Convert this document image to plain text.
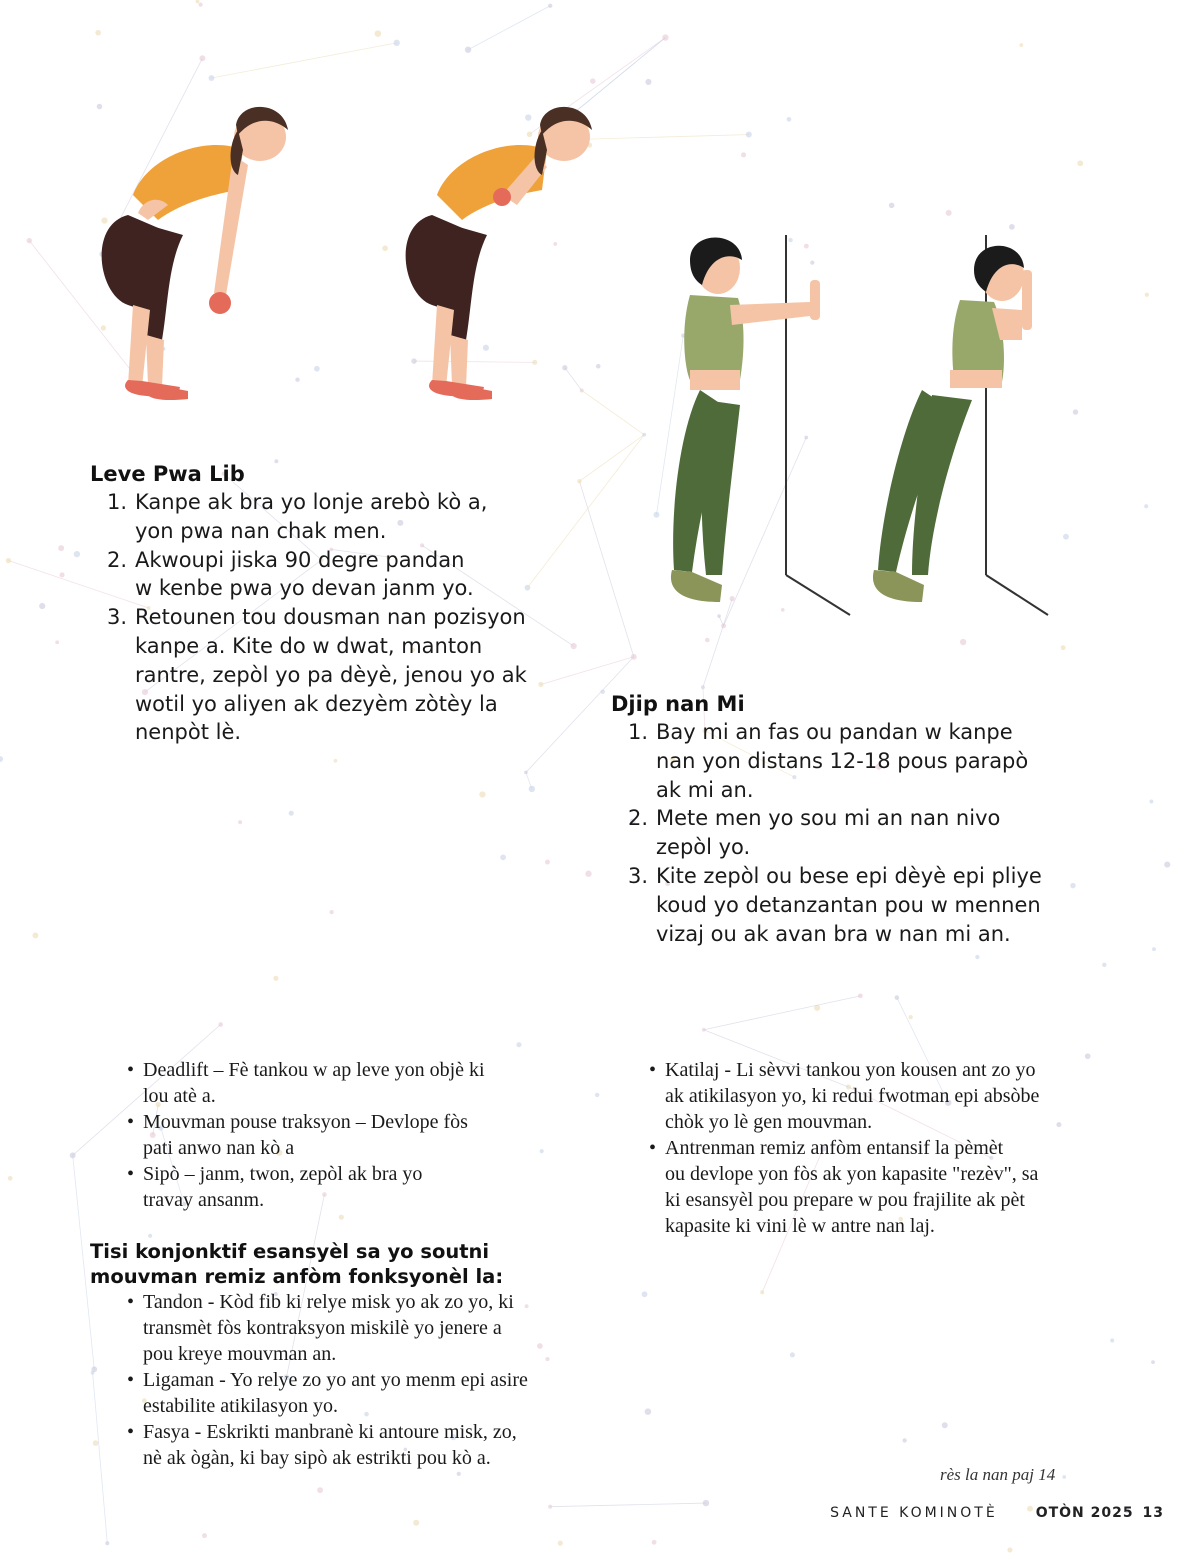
Leve Pwa Lib
1. Kanpe ak bra yo lonje arebò kò a,
yon pwa nan chak men.
2. Akwoupi jiska 90 degre pandan
w kenbe pwa yo devan janm yo.
3. Retounen tou dousman nan pozisyon
kanpe a. Kite do w dwat, manton
rantre, zepòl yo pa dèyè, jenou yo ak
wotil yo aliyen ak dezyèm zòtèy la
nenpòt lè.
Djip nan Mi
1. Bay mi an fas ou pandan w kanpe
nan yon distans 12-18 pous parapò
ak mi an.
2. Mete men yo sou mi an nan nivo
zepòl yo.
3. Kite zepòl ou bese epi dèyè epi pliye
koud yo detanzantan pou w mennen
vizaj ou ak avan bra w nan mi an.
• Deadlift – Fè tankou w ap leve yon objè ki
lou atè a.
• Mouvman pouse traksyon – Devlope fòs
pati anwo nan kò a
• Sipò – janm, twon, zepòl ak bra yo
travay ansanm.
Tisi konjonktif esansyèl sa yo soutni
mouvman remiz anfòm fonksyonèl la:
• Tandon - Kòd fib ki relye misk yo ak zo yo, ki
transmèt fòs kontraksyon miskilè yo jenere a
pou kreye mouvman an.
• Ligaman - Yo relye zo yo ant yo menm epi asire
estabilite atikilasyon yo.
• Fasya - Eskrikti manbranè ki antoure misk, zo,
nè ak ògàn, ki bay sipò ak estrikti pou kò a.
• Katilaj - Li sèvvi tankou yon kousen ant zo yo
ak atikilasyon yo, ki redui fwotman epi absòbe
chòk yo lè gen mouvman.
• Antrenman remiz anfòm entansif la pèmèt
ou devlope yon fòs ak yon kapasite "rezèv", sa
ki esansyèl pou prepare w pou frajilite ak pèt
kapasite ki vini lè w antre nan laj.
rès la nan paj 14
SANTE KOMINOTÈ	OTÒN 2025 13
